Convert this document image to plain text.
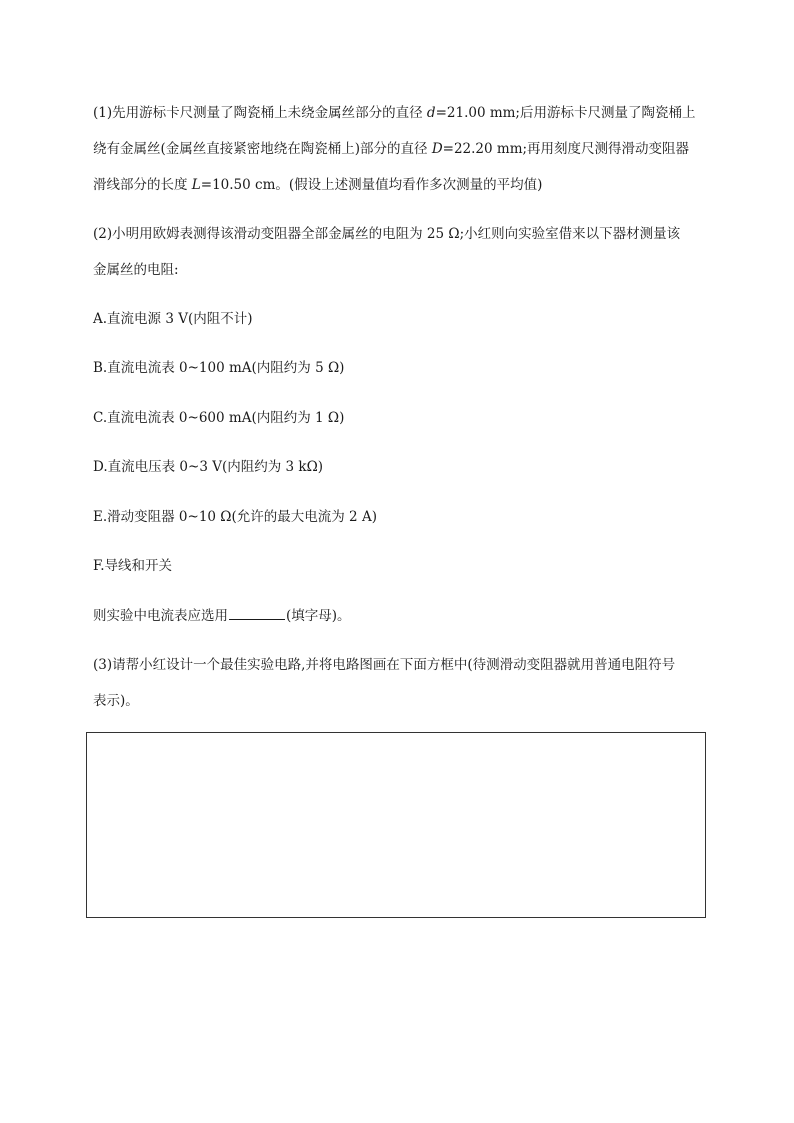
(1)先用游标卡尺测量了陶瓷桶上未绕金属丝部分的直径 d=21.00 mm;后用游标卡尺测量了陶瓷桶上
绕有金属丝(金属丝直接紧密地绕在陶瓷桶上)部分的直径 D=22.20 mm;再用刻度尺测得滑动变阻器
滑线部分的长度 L=10.50 cm。(假设上述测量值均看作多次测量的平均值)
(2)小明用欧姆表测得该滑动变阻器全部金属丝的电阻为 25 Ω;小红则向实验室借来以下器材测量该
金属丝的电阻:
A.直流电源 3 V(内阻不计)
B.直流电流表 0~100 mA(内阻约为 5 Ω)
C.直流电流表 0~600 mA(内阻约为 1 Ω)
D.直流电压表 0~3 V(内阻约为 3 kΩ)
E.滑动变阻器 0~10 Ω(允许的最大电流为 2 A)
F.导线和开关
则实验中电流表应选用	(填字母)。
(3)请帮小红设计一个最佳实验电路,并将电路图画在下面方框中(待测滑动变阻器就用普通电阻符号
表示)。
